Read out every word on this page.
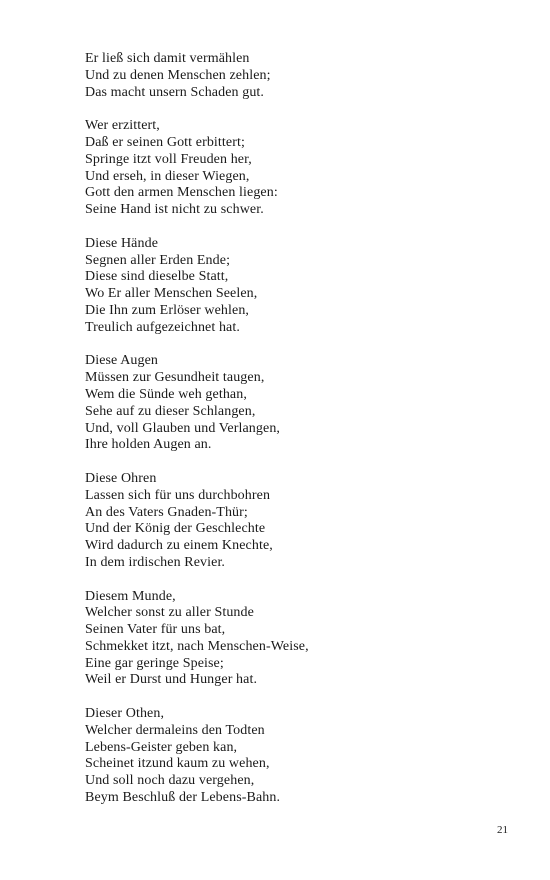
Er ließ sich damit vermählen
Und zu denen Menschen zehlen;
Das macht unsern Schaden gut.
Wer erzittert,
Daß er seinen Gott erbittert;
Springe itzt voll Freuden her,
Und erseh, in dieser Wiegen,
Gott den armen Menschen liegen:
Seine Hand ist nicht zu schwer.
Diese Hände
Segnen aller Erden Ende;
Diese sind dieselbe Statt,
Wo Er aller Menschen Seelen,
Die Ihn zum Erlöser wehlen,
Treulich aufgezeichnet hat.
Diese Augen
Müssen zur Gesundheit taugen,
Wem die Sünde weh gethan,
Sehe auf zu dieser Schlangen,
Und, voll Glauben und Verlangen,
Ihre holden Augen an.
Diese Ohren
Lassen sich für uns durchbohren
An des Vaters Gnaden-Thür;
Und der König der Geschlechte
Wird dadurch zu einem Knechte,
In dem irdischen Revier.
Diesem Munde,
Welcher sonst zu aller Stunde
Seinen Vater für uns bat,
Schmekket itzt, nach Menschen-Weise,
Eine gar geringe Speise;
Weil er Durst und Hunger hat.
Dieser Othen,
Welcher dermaleins den Todten
Lebens-Geister geben kan,
Scheinet itzund kaum zu wehen,
Und soll noch dazu vergehen,
Beym Beschluß der Lebens-Bahn.
21
